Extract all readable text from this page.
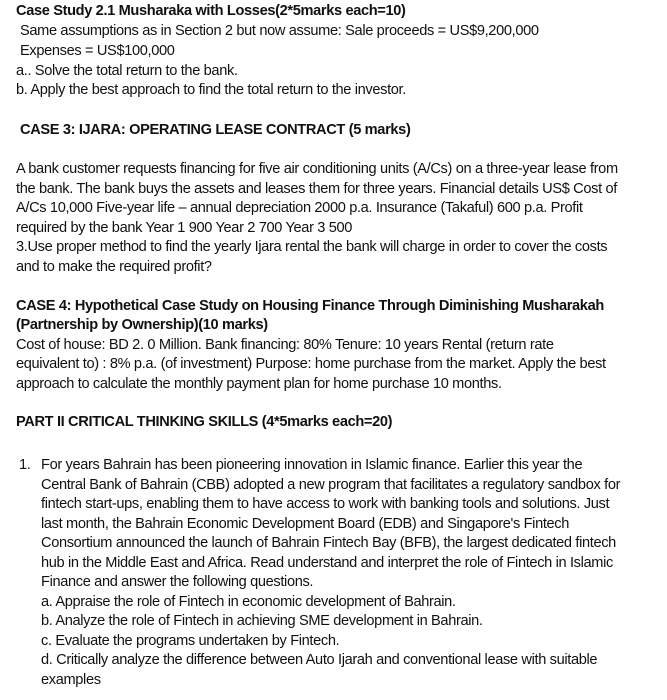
Case Study 2.1 Musharaka with Losses(2*5marks each=10)

Same assumptions as in Section 2 but now assume: Sale proceeds = US$9,200,000

Expenses = US$100,000

a.. Solve the total return to the bank.

b. Apply the best approach to find the total return to the investor.

CASE 3: IJARA: OPERATING LEASE CONTRACT (5 marks)

A bank customer requests financing for five air conditioning units (A/Cs) on a three-year lease from

the bank. The bank buys the assets and leases them for three years. Financial details US$ Cost of

A/Cs 10,000 Five-year life – annual depreciation 2000 p.a. Insurance (Takaful) 600 p.a. Profit

required by the bank Year 1 900 Year 2 700 Year 3 500

3.Use proper method to find the yearly Ijara rental the bank will charge in order to cover the costs

and to make the required profit?

CASE 4: Hypothetical Case Study on Housing Finance Through Diminishing Musharakah

(Partnership by Ownership)(10 marks)

Cost of house: BD 2. 0 Million. Bank financing: 80% Tenure: 10 years Rental (return rate

equivalent to) : 8% p.a. (of investment) Purpose: home purchase from the market. Apply the best

approach to calculate the monthly payment plan for home purchase 10 months.

PART II CRITICAL THINKING SKILLS (4*5marks each=20)

1. For years Bahrain has been pioneering innovation in Islamic finance. Earlier this year the

Central Bank of Bahrain (CBB) adopted a new program that facilitates a regulatory sandbox for

fintech start-ups, enabling them to have access to work with banking tools and solutions. Just

last month, the Bahrain Economic Development Board (EDB) and Singapore's Fintech

Consortium announced the launch of Bahrain Fintech Bay (BFB), the largest dedicated fintech

hub in the Middle East and Africa. Read understand and interpret the role of Fintech in Islamic

Finance and answer the following questions.

a. Appraise the role of Fintech in economic development of Bahrain.

b. Analyze the role of Fintech in achieving SME development in Bahrain.

c. Evaluate the programs undertaken by Fintech.

d. Critically analyze the difference between Auto Ijarah and conventional lease with suitable

examples
